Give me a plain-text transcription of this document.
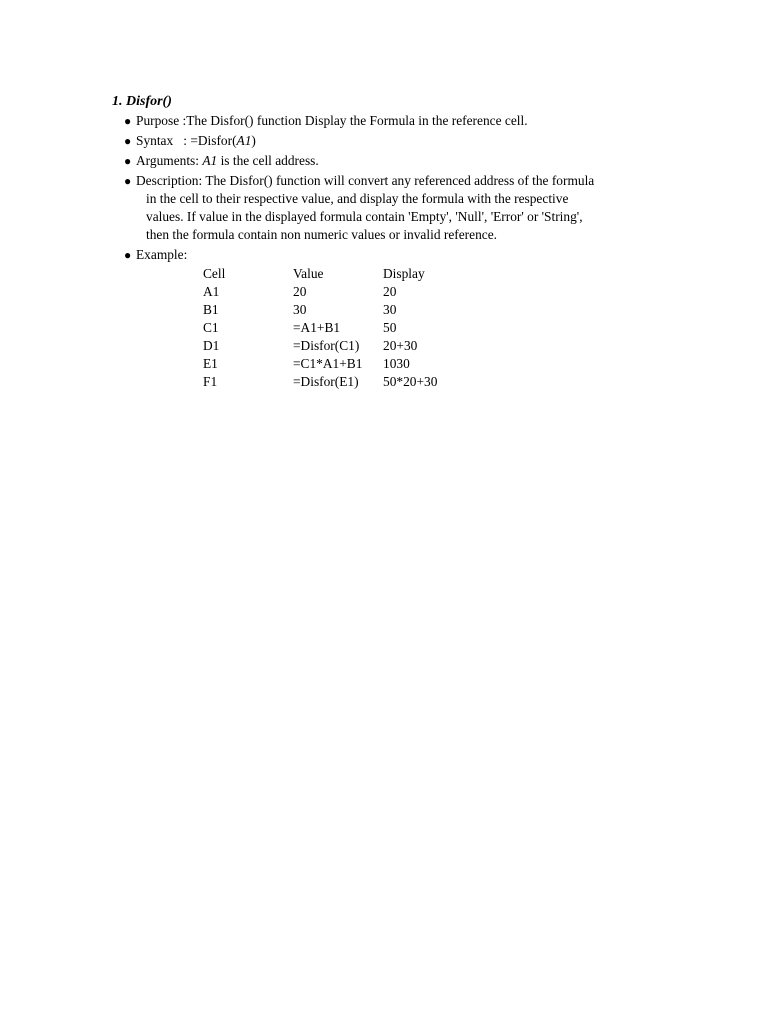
1. Disfor()
● Purpose :The Disfor() function Display the Formula in the reference cell.
● Syntax   : =Disfor(A1)
● Arguments: A1 is the cell address.
● Description: The Disfor() function will convert any referenced address of the formula
in the cell to their respective value, and display the formula with the respective
values. If value in the displayed formula contain 'Empty', 'Null', 'Error' or 'String',
then the formula contain non numeric values or invalid reference.
● Example:
Cell	Value	Display
A1	20	20
B1	30	30
C1	=A1+B1	50
D1	=Disfor(C1)	20+30
E1	=C1*A1+B1	1030
F1	=Disfor(E1)	50*20+30
